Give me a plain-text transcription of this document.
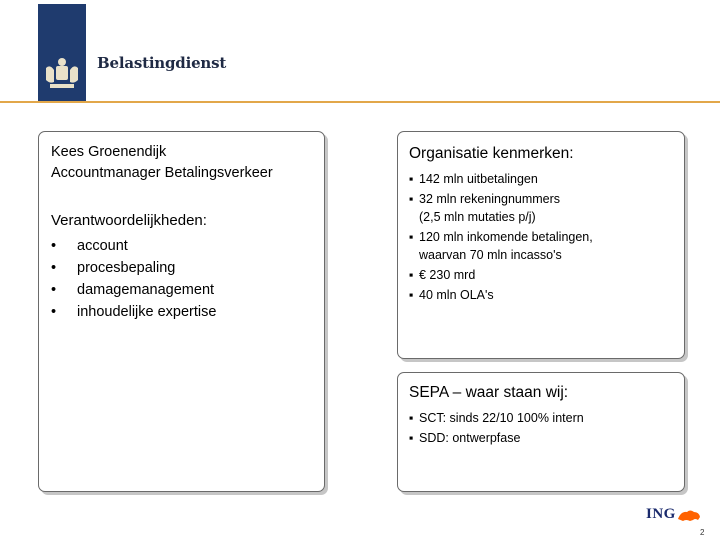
Belastingdienst
Kees Groenendijk
Accountmanager Betalingsverkeer
Verantwoordelijkheden:
•	account
•	procesbepaling
•	damagemanagement
•	inhoudelijke expertise
Organisatie kenmerken:
▪ 142 mln uitbetalingen
▪ 32 mln rekeningnummers
(2,5 mln mutaties p/j)
▪ 120 mln inkomende betalingen,
waarvan 70 mln incasso's
▪ € 230 mrd
▪ 40 mln OLA's
SEPA – waar staan wij:
▪ SCT: sinds 22/10 100% intern
▪ SDD: ontwerpfase
ING
2
